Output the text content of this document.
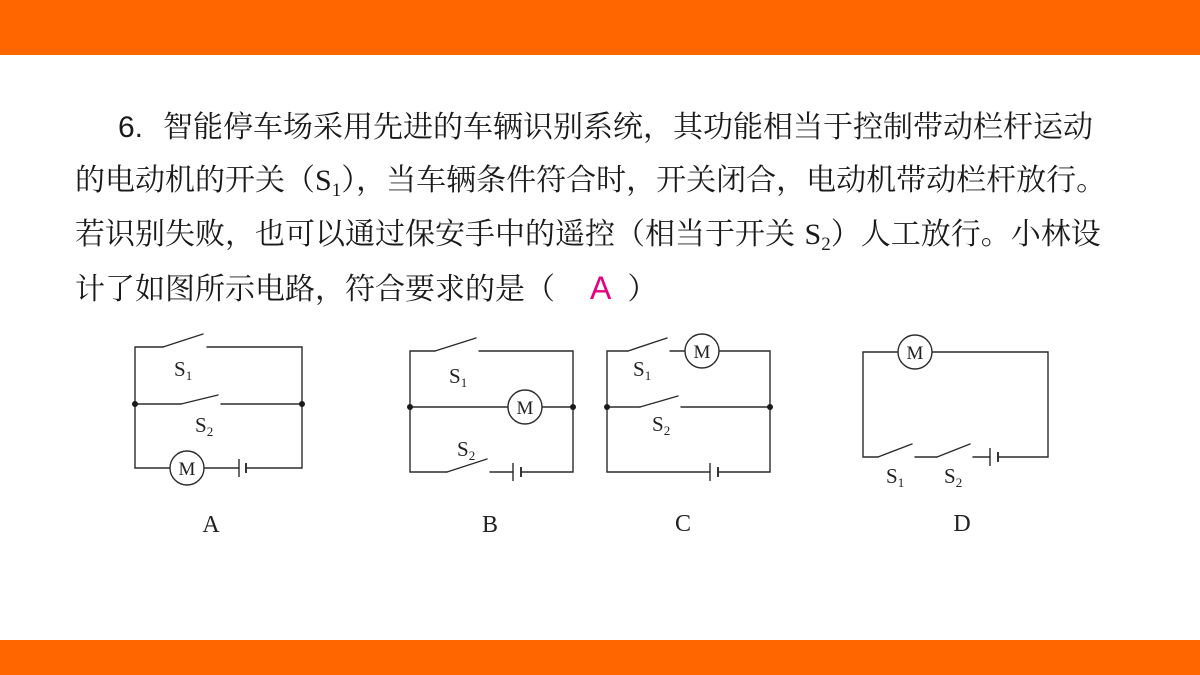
6. 智能停车场采用先进的车辆识别系统，其功能相当于控制带动栏杆运动
的电动机的开关$(S_1)$，当车辆条件符合时，开关闭合，电动机带动栏杆放行。
若识别失败，也可以通过保安手中的遥控（相当于开关 $S_2$）人工放行。小林设
计了如图所示电路，符合要求的是（ A ）
M
S1
S2
A
M
S1
S2
B
M
S1
S2
C
M
S1 S2
D
